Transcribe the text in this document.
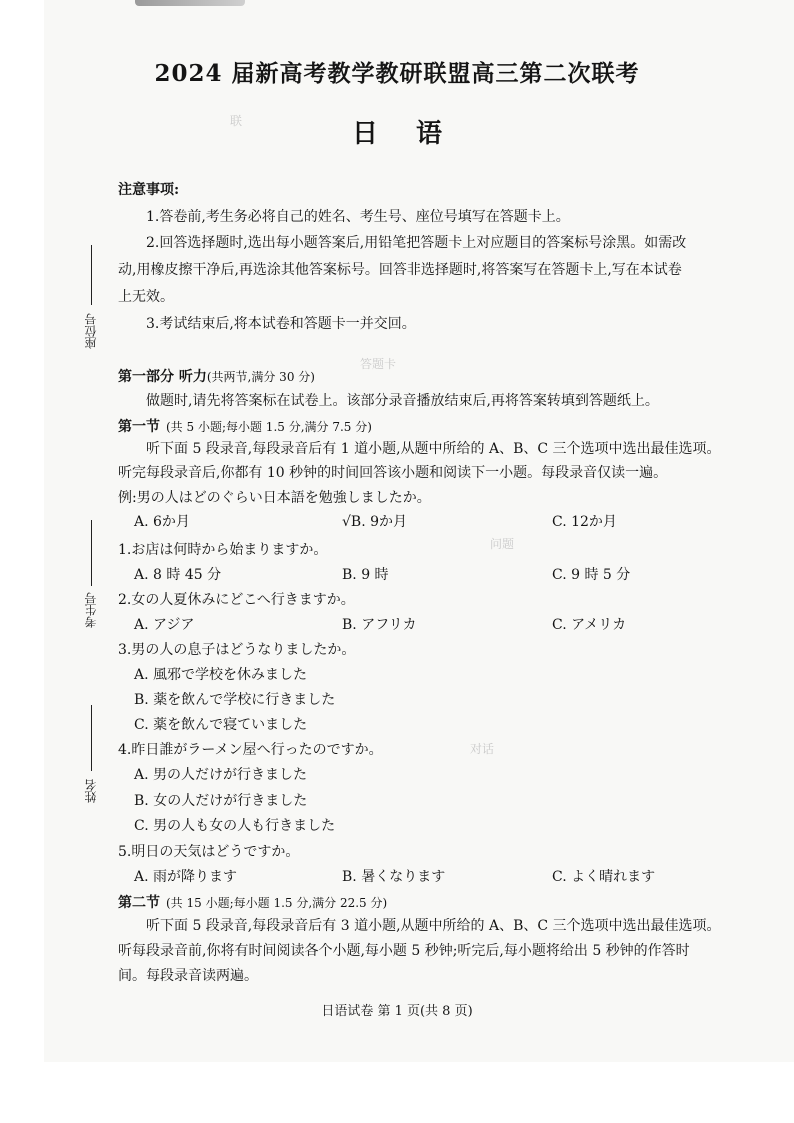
联
答题卡
问题
对话
2024 届新高考教学教研联盟高三第二次联考
日语
注意事项:
1.答卷前,考生务必将自己的姓名、考生号、座位号填写在答题卡上。
2.回答选择题时,选出每小题答案后,用铅笔把答题卡上对应题目的答案标号涂黑。如需改
动,用橡皮擦干净后,再选涂其他答案标号。回答非选择题时,将答案写在答题卡上,写在本试卷
上无效。
3.考试结束后,将本试卷和答题卡一并交回。
座位号
考生号
姓名
第一部分 听力(共两节,满分 30 分)
做题时,请先将答案标在试卷上。该部分录音播放结束后,再将答案转填到答题纸上。
第一节 (共 5 小题;每小题 1.5 分,满分 7.5 分)
听下面 5 段录音,每段录音后有 1 道小题,从题中所给的 A、B、C 三个选项中选出最佳选项。
听完每段录音后,你都有 10 秒钟的时间回答该小题和阅读下一小题。每段录音仅读一遍。
例:男の人はどのぐらい日本語を勉強しましたか。
A. 6か月	√B. 9か月	C. 12か月
1.お店は何時から始まりますか。
A. 8 時 45 分	B. 9 時	C. 9 時 5 分
2.女の人夏休みにどこへ行きますか。
A. アジア	B. アフリカ	C. アメリカ
3.男の人の息子はどうなりましたか。
A. 風邪で学校を休みました
B. 薬を飲んで学校に行きました
C. 薬を飲んで寝ていました
4.昨日誰がラーメン屋へ行ったのですか。
A. 男の人だけが行きました
B. 女の人だけが行きました
C. 男の人も女の人も行きました
5.明日の天気はどうですか。
A. 雨が降ります	B. 暑くなります	C. よく晴れます
第二节 (共 15 小题;每小题 1.5 分,满分 22.5 分)
听下面 5 段录音,每段录音后有 3 道小题,从题中所给的 A、B、C 三个选项中选出最佳选项。
听每段录音前,你将有时间阅读各个小题,每小题 5 秒钟;听完后,每小题将给出 5 秒钟的作答时
间。每段录音读两遍。
日语试卷 第 1 页(共 8 页)
